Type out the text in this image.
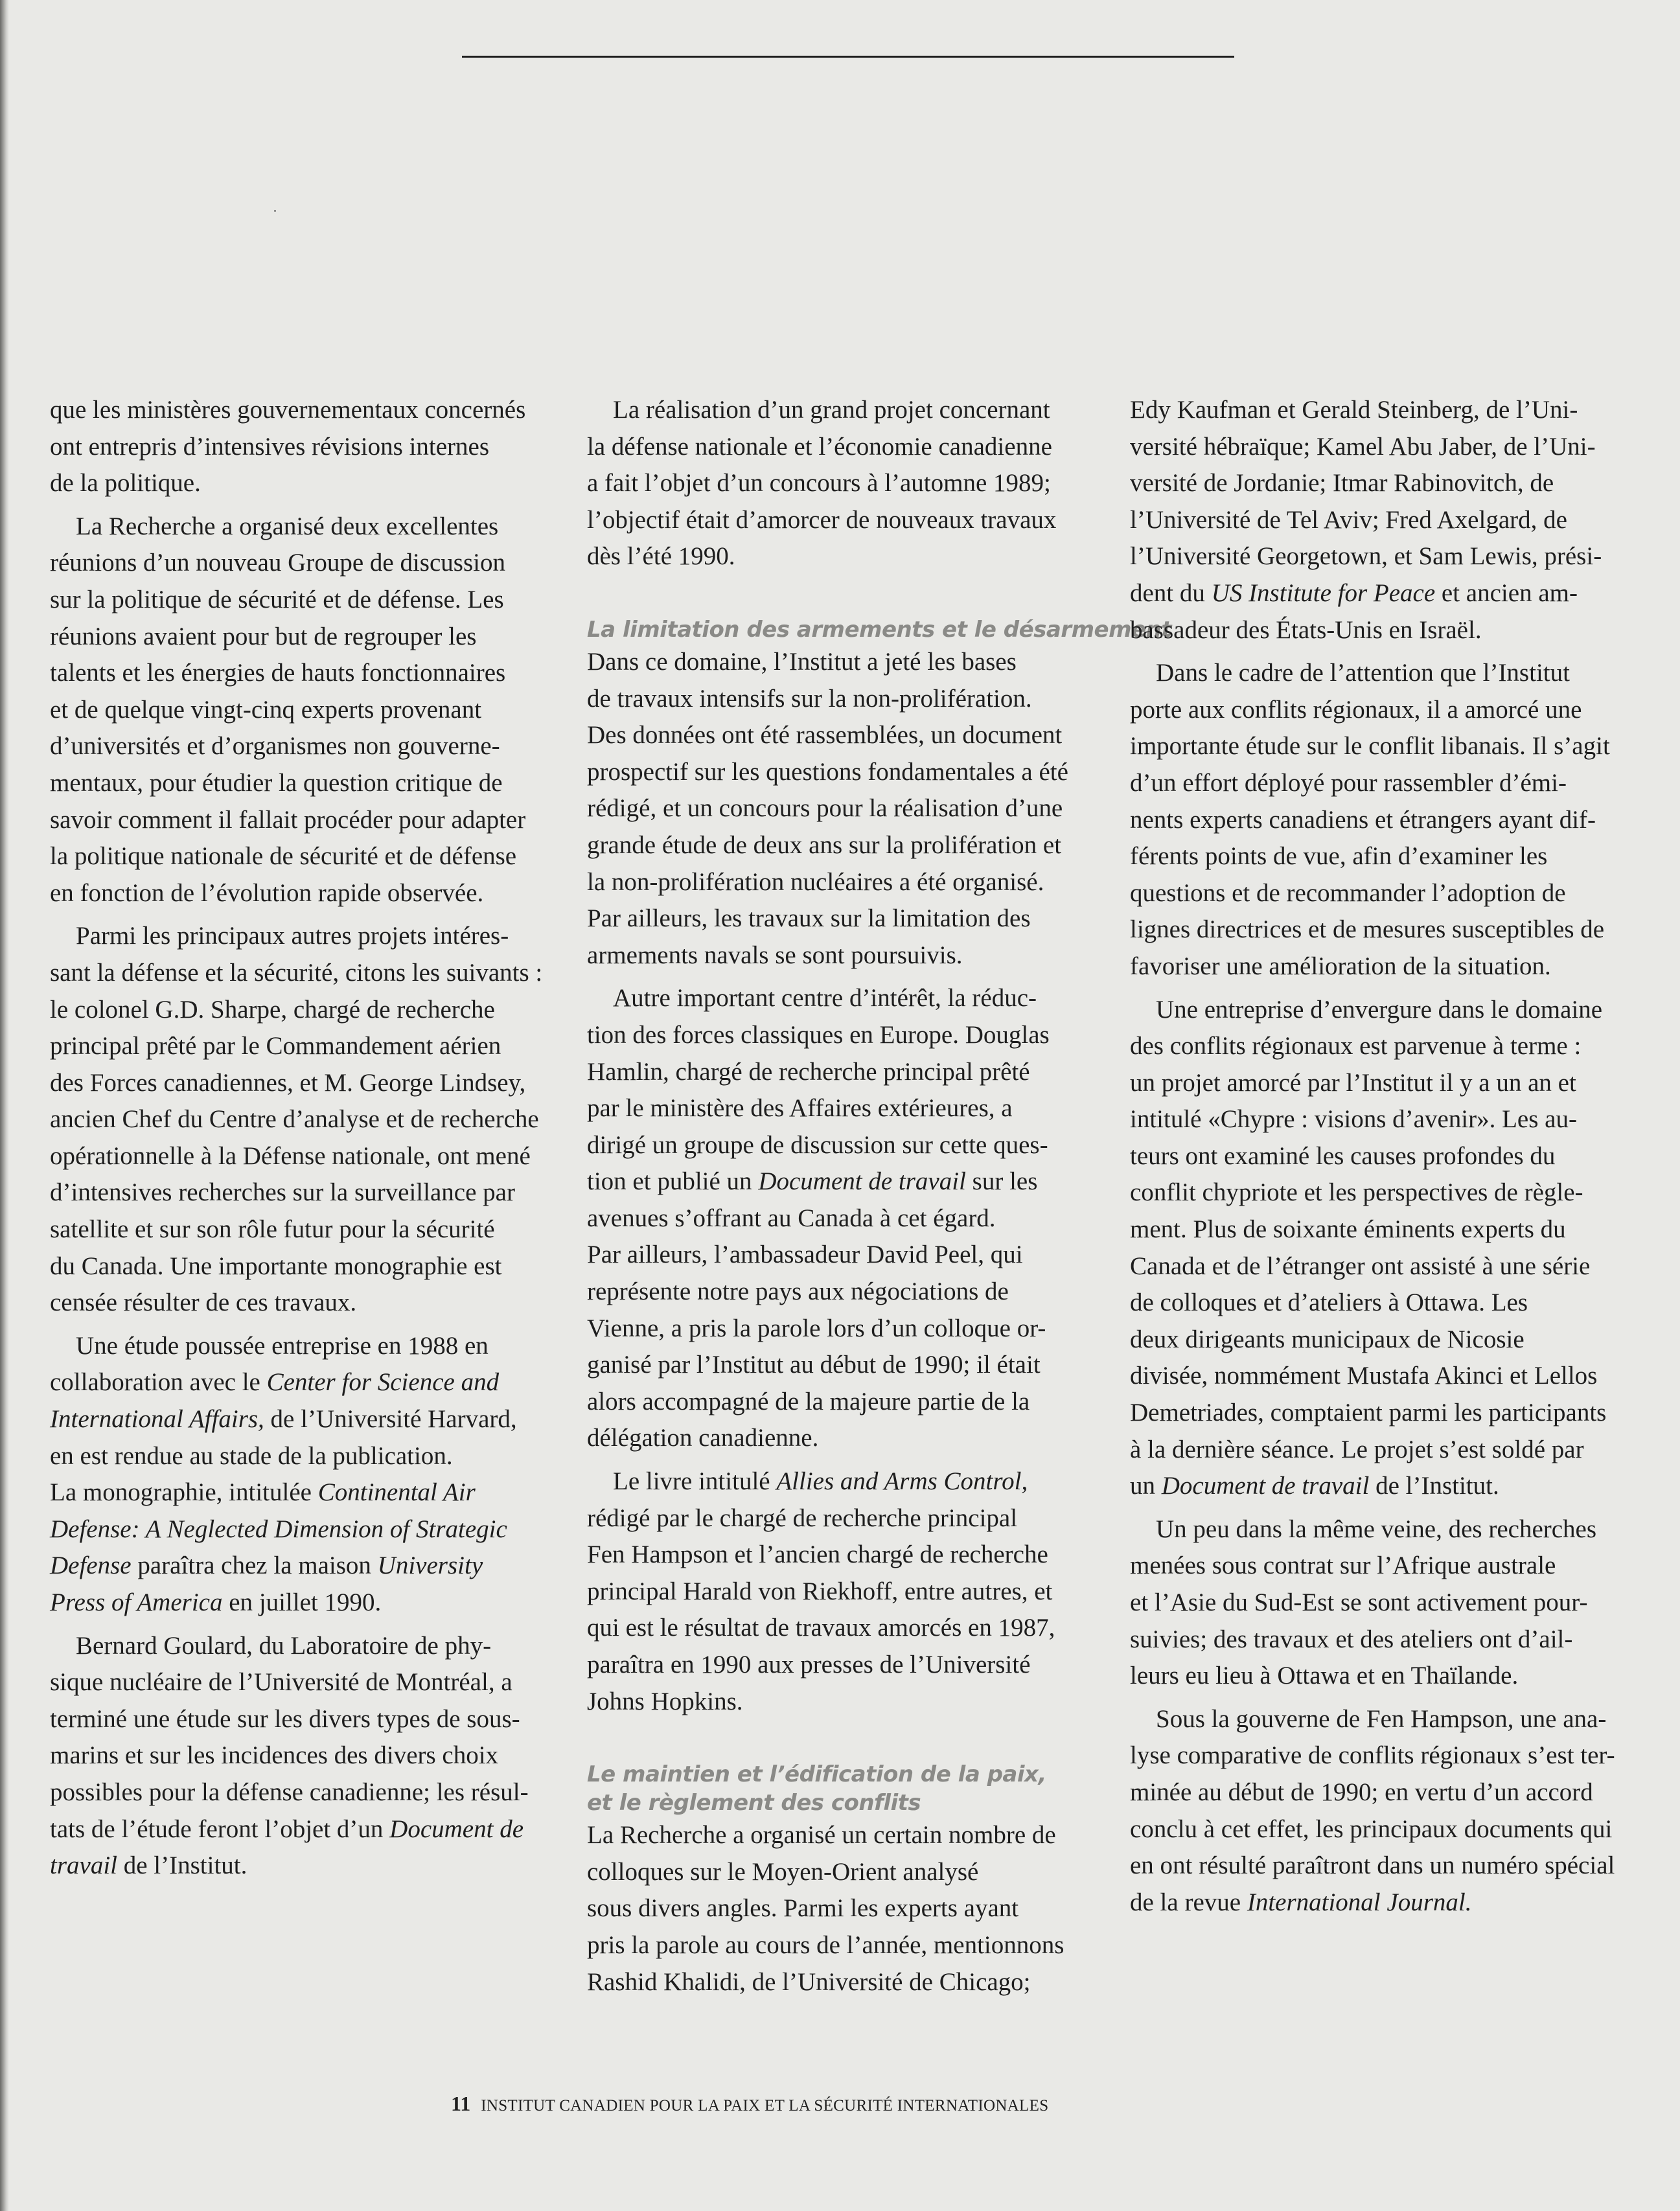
que les ministères gouvernementaux concernés
ont entrepris d’intensives révisions internes
de la politique.

La Recherche a organisé deux excellentes
réunions d’un nouveau Groupe de discussion
sur la politique de sécurité et de défense. Les
réunions avaient pour but de regrouper les
talents et les énergies de hauts fonctionnaires
et de quelque vingt-cinq experts provenant
d’universités et d’organismes non gouverne-
mentaux, pour étudier la question critique de
savoir comment il fallait procéder pour adapter
la politique nationale de sécurité et de défense
en fonction de l’évolution rapide observée.

Parmi les principaux autres projets intéres-
sant la défense et la sécurité, citons les suivants :
le colonel G.D. Sharpe, chargé de recherche
principal prêté par le Commandement aérien
des Forces canadiennes, et M. George Lindsey,
ancien Chef du Centre d’analyse et de recherche
opérationnelle à la Défense nationale, ont mené
d’intensives recherches sur la surveillance par
satellite et sur son rôle futur pour la sécurité
du Canada. Une importante monographie est
censée résulter de ces travaux.

Une étude poussée entreprise en 1988 en
collaboration avec le Center for Science and
International Affairs, de l’Université Harvard,
en est rendue au stade de la publication.
La monographie, intitulée Continental Air
Defense: A Neglected Dimension of Strategic
Defense paraîtra chez la maison University
Press of America en juillet 1990.

Bernard Goulard, du Laboratoire de phy-
sique nucléaire de l’Université de Montréal, a
terminé une étude sur les divers types de sous-
marins et sur les incidences des divers choix
possibles pour la défense canadienne; les résul-
tats de l’étude feront l’objet d’un Document de
travail de l’Institut.

La réalisation d’un grand projet concernant
la défense nationale et l’économie canadienne
a fait l’objet d’un concours à l’automne 1989;
l’objectif était d’amorcer de nouveaux travaux
dès l’été 1990.

La limitation des armements et le désarmement

Dans ce domaine, l’Institut a jeté les bases
de travaux intensifs sur la non-prolifération.
Des données ont été rassemblées, un document
prospectif sur les questions fondamentales a été
rédigé, et un concours pour la réalisation d’une
grande étude de deux ans sur la prolifération et
la non-prolifération nucléaires a été organisé.
Par ailleurs, les travaux sur la limitation des
armements navals se sont poursuivis.

Autre important centre d’intérêt, la réduc-
tion des forces classiques en Europe. Douglas
Hamlin, chargé de recherche principal prêté
par le ministère des Affaires extérieures, a
dirigé un groupe de discussion sur cette ques-
tion et publié un Document de travail sur les
avenues s’offrant au Canada à cet égard.
Par ailleurs, l’ambassadeur David Peel, qui
représente notre pays aux négociations de
Vienne, a pris la parole lors d’un colloque or-
ganisé par l’Institut au début de 1990; il était
alors accompagné de la majeure partie de la
délégation canadienne.

Le livre intitulé Allies and Arms Control,
rédigé par le chargé de recherche principal
Fen Hampson et l’ancien chargé de recherche
principal Harald von Riekhoff, entre autres, et
qui est le résultat de travaux amorcés en 1987,
paraîtra en 1990 aux presses de l’Université
Johns Hopkins.

Le maintien et l’édification de la paix,
et le règlement des conflits

La Recherche a organisé un certain nombre de
colloques sur le Moyen-Orient analysé
sous divers angles. Parmi les experts ayant
pris la parole au cours de l’année, mentionnons
Rashid Khalidi, de l’Université de Chicago;

Edy Kaufman et Gerald Steinberg, de l’Uni-
versité hébraïque; Kamel Abu Jaber, de l’Uni-
versité de Jordanie; Itmar Rabinovitch, de
l’Université de Tel Aviv; Fred Axelgard, de
l’Université Georgetown, et Sam Lewis, prési-
dent du US Institute for Peace et ancien am-
bassadeur des États-Unis en Israël.

Dans le cadre de l’attention que l’Institut
porte aux conflits régionaux, il a amorcé une
importante étude sur le conflit libanais. Il s’agit
d’un effort déployé pour rassembler d’émi-
nents experts canadiens et étrangers ayant dif-
férents points de vue, afin d’examiner les
questions et de recommander l’adoption de
lignes directrices et de mesures susceptibles de
favoriser une amélioration de la situation.

Une entreprise d’envergure dans le domaine
des conflits régionaux est parvenue à terme :
un projet amorcé par l’Institut il y a un an et
intitulé «Chypre : visions d’avenir». Les au-
teurs ont examiné les causes profondes du
conflit chypriote et les perspectives de règle-
ment. Plus de soixante éminents experts du
Canada et de l’étranger ont assisté à une série
de colloques et d’ateliers à Ottawa. Les
deux dirigeants municipaux de Nicosie
divisée, nommément Mustafa Akinci et Lellos
Demetriades, comptaient parmi les participants
à la dernière séance. Le projet s’est soldé par
un Document de travail de l’Institut.

Un peu dans la même veine, des recherches
menées sous contrat sur l’Afrique australe
et l’Asie du Sud-Est se sont activement pour-
suivies; des travaux et des ateliers ont d’ail-
leurs eu lieu à Ottawa et en Thaïlande.

Sous la gouverne de Fen Hampson, une ana-
lyse comparative de conflits régionaux s’est ter-
minée au début de 1990; en vertu d’un accord
conclu à cet effet, les principaux documents qui
en ont résulté paraîtront dans un numéro spécial
de la revue International Journal.

11 INSTITUT CANADIEN POUR LA PAIX ET LA SÉCURITÉ INTERNATIONALES
